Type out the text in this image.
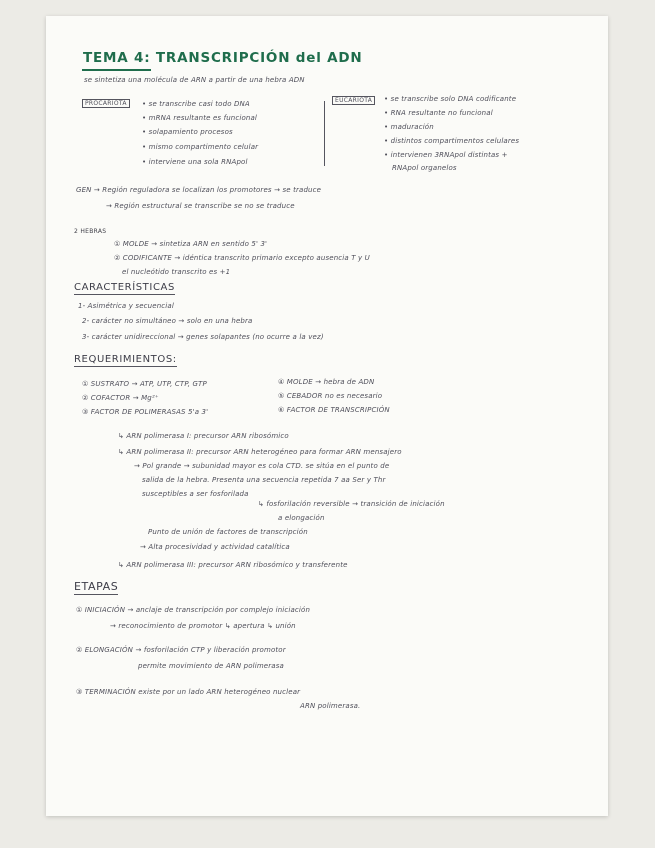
TEMA 4: TRANSCRIPCIÓN del ADN
se sintetiza una molécula de ARN a partir de una hebra ADN
PROCARIOTA	• se transcribe casi todo DNA
• mRNA resultante es funcional
• solapamiento procesos
• mismo compartimento celular
• interviene una sola RNApol
EUCARIOTA	• se transcribe solo DNA codificante
• RNA resultante no funcional
• maduración
• distintos compartimentos celulares
• intervienen 3RNApol distintas +
RNApol organelos
GEN → Región reguladora se localizan los promotores → se traduce
→ Región estructural se transcribe se no se traduce
2 HEBRAS
① MOLDE → sintetiza ARN en sentido 5' 3'
② CODIFICANTE → idéntica transcrito primario excepto ausencia T y U
el nucleótido transcrito es +1
CARACTERÍSTICAS
1- Asimétrica y secuencial
2- carácter no simultáneo → solo en una hebra
3- carácter unidireccional → genes solapantes (no ocurre a la vez)
REQUERIMIENTOS:
① SUSTRATO → ATP, UTP, CTP, GTP
② COFACTOR → Mg²⁺
③ FACTOR DE POLIMERASAS 5'a 3'
④ MOLDE → hebra de ADN
⑤ CEBADOR no es necesario
⑥ FACTOR DE TRANSCRIPCIÓN
↳ ARN polimerasa I: precursor ARN ribosómico
↳ ARN polimerasa II: precursor ARN heterogéneo para formar ARN mensajero
→ Pol grande → subunidad mayor es cola CTD. se sitúa en el punto de
salida de la hebra. Presenta una secuencia repetida 7 aa Ser y Thr
susceptibles a ser fosforilada
↳ fosforilación reversible → transición de iniciación
a elongación
Punto de unión de factores de transcripción
→ Alta procesividad y actividad catalítica
↳ ARN polimerasa III: precursor ARN ribosómico y transferente
ETAPAS
① INICIACIÓN → anclaje de transcripción por complejo iniciación
→ reconocimiento de promotor ↳ apertura ↳ unión
② ELONGACIÓN → fosforilación CTP y liberación promotor
permite movimiento de ARN polimerasa
③ TERMINACIÓN existe por un lado ARN heterogéneo nuclear
ARN polimerasa.
